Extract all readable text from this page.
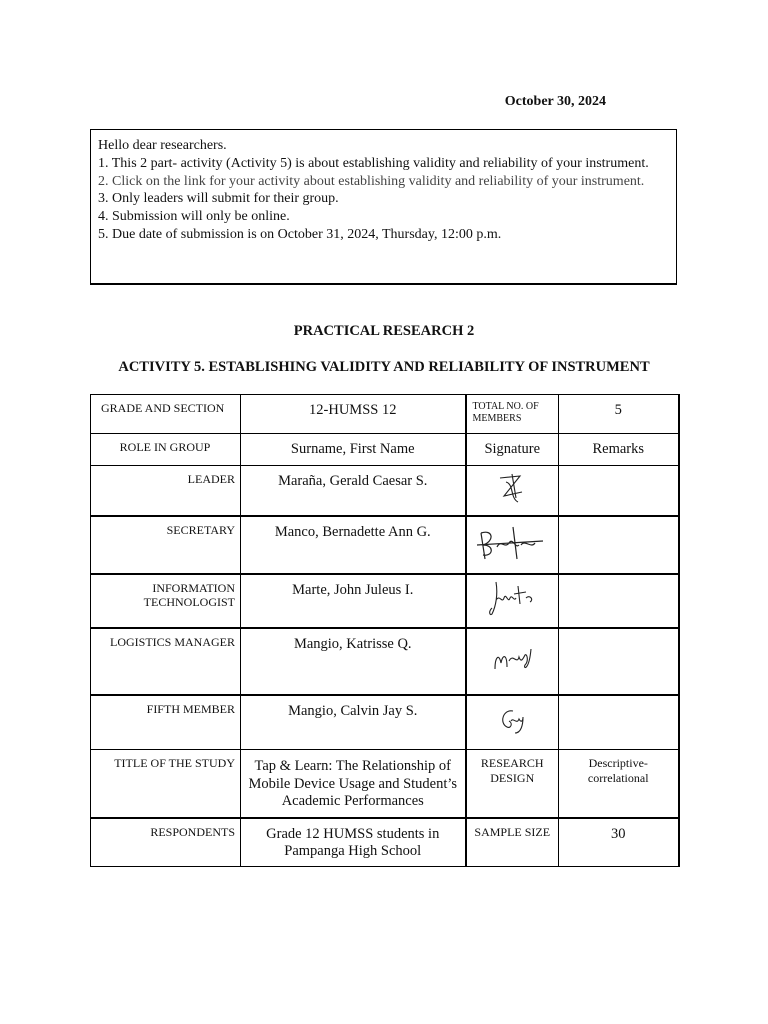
October 30, 2024
Hello dear researchers.
1. This 2 part- activity (Activity 5) is about establishing validity and reliability of your instrument.
2. Click on the link for your activity about establishing validity and reliability of your instrument.
3. Only leaders will submit for their group.
4. Submission will only be online.
5. Due date of submission is on October 31, 2024, Thursday, 12:00 p.m.
PRACTICAL RESEARCH 2
ACTIVITY 5. ESTABLISHING VALIDITY AND RELIABILITY OF INSTRUMENT
GRADE AND SECTION	12-HUMSS 12	TOTAL NO. OF MEMBERS	5
ROLE IN GROUP	Surname, First Name	Signature	Remarks
LEADER	Maraña, Gerald Caesar S.		
SECRETARY	Manco, Bernadette Ann G.		
INFORMATION TECHNOLOGIST	Marte, John Juleus I.		
LOGISTICS MANAGER	Mangio, Katrisse Q.		
FIFTH MEMBER	Mangio, Calvin Jay S.		
TITLE OF THE STUDY	Tap & Learn: The Relationship of Mobile Device Usage and Student’s Academic Performances	RESEARCH DESIGN	Descriptive-correlational
RESPONDENTS	Grade 12 HUMSS students in Pampanga High School	SAMPLE SIZE	30
